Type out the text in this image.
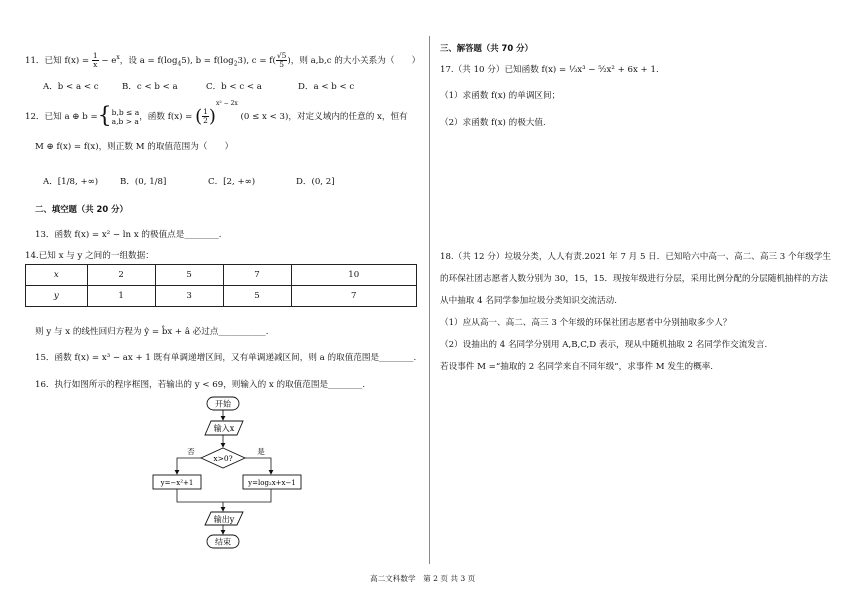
11．已知 $f(x) = \frac{1}{x} - e^x$，设 $a = f(\log_45)$, $b = f(\log_23)$, $c = f( \frac{√5}{5}$ )，则 a,b,c 的大小关系为（　　）
A．b < a < c	B．c < b < a	C．b < c < a	D．a < b < c
12．已知 a ⊕ b ={ b,b ≤ a
a,b > a ，函数 f(x) = ( $\frac{1}{2} )^{x^2 - 2x}$ (0 ≤ x < 3)，对定义域内的任意的 x，恒有
M ⊕ f(x) = f(x)，则正数 M 的取值范围为（　　）
A．[1/8, +∞)	B．(0, 1/8]	C．[2, +∞)	D．(0, 2]
二、填空题（共 20 分）
13．函数 f(x) = x² − ln x 的极值点是________.
14.已知 x 与 y 之间的一组数据：
x	2	5	7	10
y	1	3	5	7
则 y 与 x 的线性回归方程为 ŷ = b̂x + â 必过点___________.
15．函数 f(x) = x³ − ax + 1 既有单调递增区间，又有单调递减区间，则 a 的取值范围是________.
16．执行如图所示的程序框图，若输出的 y < 69，则输入的 x 的取值范围是________.
开始
输入x
x>0?
否	是
y=−x²+1	y=log₂x+x−1
输出y
结束
三、解答题（共 70 分）
17.（共 10 分）已知函数 f(x) = ⅓x³ − ⁵⁄₂x² + 6x + 1.
（1）求函数 f(x) 的单调区间；
（2）求函数 f(x) 的极大值.
18.（共 12 分）垃圾分类，人人有责.2021 年 7 月 5 日．已知哈六中高一、高二、高三 3 个年级学生
的环保社团志愿者人数分别为 30，15，15．现按年级进行分层，采用比例分配的分层随机抽样的方法
从中抽取 4 名同学参加垃圾分类知识交流活动.
（1）应从高一、高二、高三 3 个年级的环保社团志愿者中分别抽取多少人？
（2）设抽出的 4 名同学分别用 A,B,C,D 表示，现从中随机抽取 2 名同学作交流发言.
若设事件 M =“抽取的 2 名同学来自不同年级”，求事件 M 发生的概率.
高二文科数学　第 2 页 共 3 页
